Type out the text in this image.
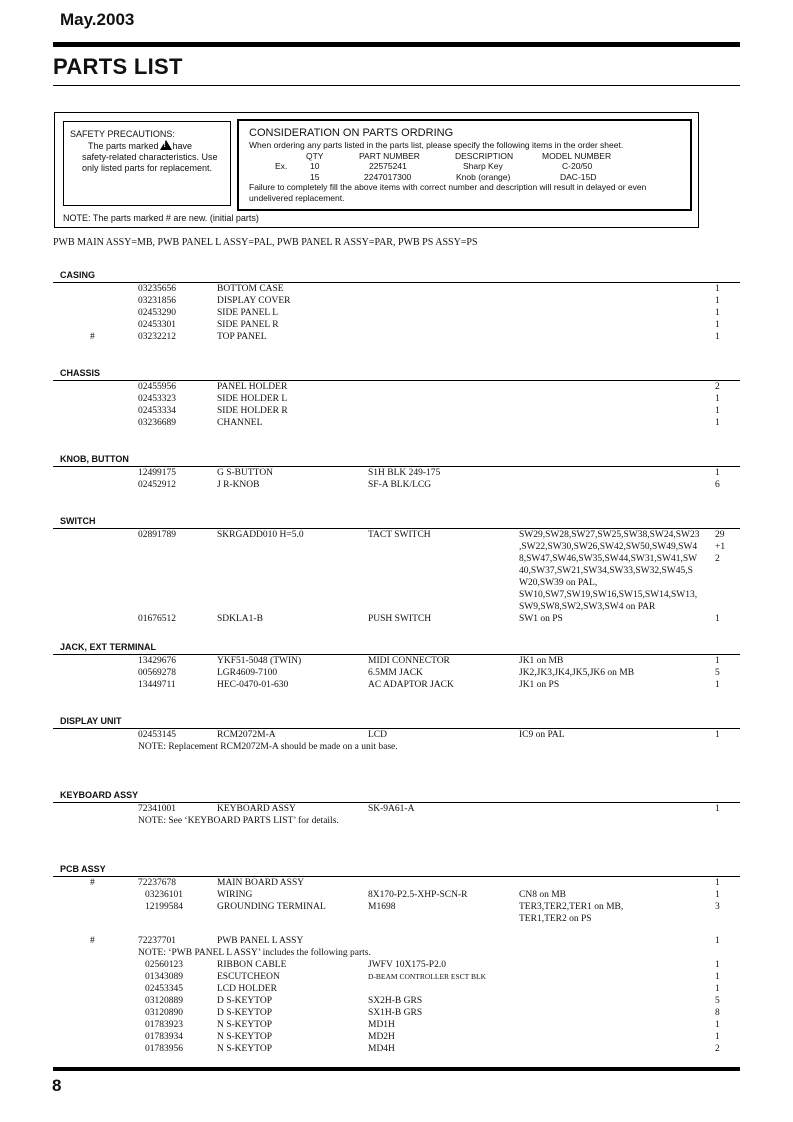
May.2003
PARTS LIST
SAFETY PRECAUTIONS:
The parts marked! have
safety-related characteristics. Use
only listed parts for replacement.
CONSIDERATION ON PARTS ORDRING
When ordering any parts listed in the parts list, please specify the following items in the order sheet.
QTY	PART NUMBER	DESCRIPTION	MODEL NUMBER
Ex.	10	22575241	Sharp Key	C-20/50
15	2247017300	Knob (orange)	DAC-15D
Failure to completely fill the above items with correct number and description will result in delayed or even
undelivered replacement.
NOTE: The parts marked # are new. (initial parts)
PWB MAIN ASSY=MB, PWB PANEL L ASSY=PAL, PWB PANEL R ASSY=PAR, PWB PS ASSY=PS
CASING
03235656	BOTTOM CASE	1
03231856	DISPLAY COVER	1
02453290	SIDE PANEL L	1
02453301	SIDE PANEL R	1
#	03232212	TOP PANEL	1
CHASSIS
02455956	PANEL HOLDER	2
02453323	SIDE HOLDER L	1
02453334	SIDE HOLDER R	1
03236689	CHANNEL	1
KNOB, BUTTON
12499175	G S-BUTTON	S1H BLK 249-175	1
02452912	J R-KNOB	SF-A BLK/LCG	6
SWITCH
02891789	SKRGADD010 H=5.0	TACT SWITCH	SW29,SW28,SW27,SW25,SW38,SW24,SW23
,SW22,SW30,SW26,SW42,SW50,SW49,SW4
8,SW47,SW46,SW35,SW44,SW31,SW41,SW
40,SW37,SW21,SW34,SW33,SW32,SW45,S
W20,SW39 on PAL,
SW10,SW7,SW19,SW16,SW15,SW14,SW13,
SW9,SW8,SW2,SW3,SW4 on PAR
29
+1
2
01676512	SDKLA1-B	PUSH SWITCH	SW1 on PS	1
JACK, EXT TERMINAL
13429676	YKF51-5048 (TWIN)	MIDI CONNECTOR	JK1 on MB	1
00569278	LGR4609-7100	6.5MM JACK	JK2,JK3,JK4,JK5,JK6 on MB	5
13449711	HEC-0470-01-630	AC ADAPTOR JACK	JK1 on PS	1
DISPLAY UNIT
02453145	RCM2072M-A	LCD	IC9 on PAL	1
NOTE: Replacement RCM2072M-A should be made on a unit base.
KEYBOARD ASSY
72341001	KEYBOARD ASSY	SK-9A61-A	1
NOTE: See ‘KEYBOARD PARTS LIST’ for details.
PCB ASSY
#	72237678	MAIN BOARD ASSY	1
03236101	WIRING	8X170-P2.5-XHP-SCN-R	CN8 on MB	1
12199584	GROUNDING TERMINAL	M1698	TER3,TER2,TER1 on MB,
TER1,TER2 on PS
3
#	72237701	PWB PANEL L ASSY	1
NOTE: ‘PWB PANEL L ASSY’ includes the following parts.
02560123	RIBBON CABLE	JWFV 10X175-P2.0	1
01343089	ESCUTCHEON	D-BEAM CONTROLLER ESCT BLK	1
02453345	LCD HOLDER	1
03120889	D S-KEYTOP	SX2H-B GRS	5
03120890	D S-KEYTOP	SX1H-B GRS	8
01783923	N S-KEYTOP	MD1H	1
01783934	N S-KEYTOP	MD2H	1
01783956	N S-KEYTOP	MD4H	2
8
